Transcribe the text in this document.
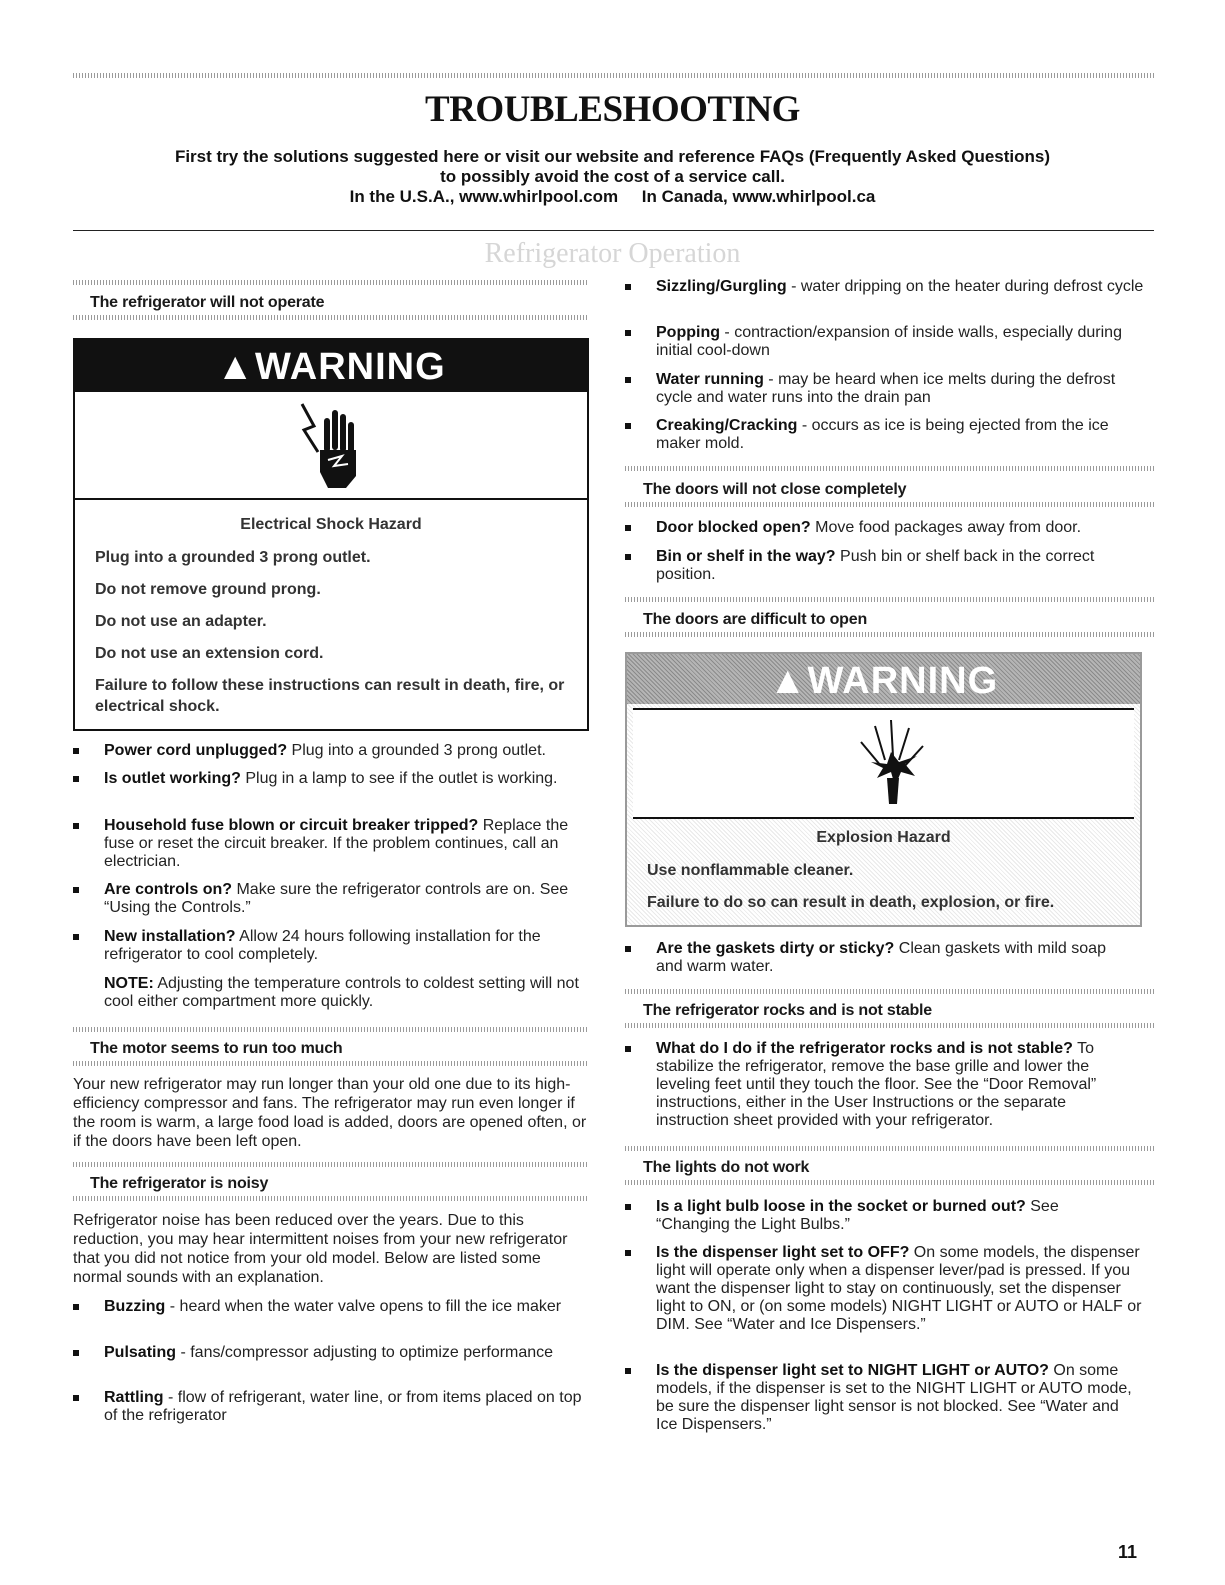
TROUBLESHOOTING
First try the solutions suggested here or visit our website and reference FAQs (Frequently Asked Questions)
to possibly avoid the cost of a service call.
In the U.S.A., www.whirlpool.com     In Canada, www.whirlpool.ca
Refrigerator Operation
The refrigerator will not operate
▲WARNING
Electrical Shock Hazard
Plug into a grounded 3 prong outlet.
Do not remove ground prong.
Do not use an adapter.
Do not use an extension cord.
Failure to follow these instructions can result in death, fire, or electrical shock.
Power cord unplugged? Plug into a grounded 3 prong outlet.
Is outlet working? Plug in a lamp to see if the outlet is working.
Household fuse blown or circuit breaker tripped? Replace the fuse or reset the circuit breaker. If the problem continues, call an electrician.
Are controls on? Make sure the refrigerator controls are on. See “Using the Controls.”
New installation? Allow 24 hours following installation for the refrigerator to cool completely.
NOTE: Adjusting the temperature controls to coldest setting will not cool either compartment more quickly.
The motor seems to run too much
Your new refrigerator may run longer than your old one due to its high-efficiency compressor and fans. The refrigerator may run even longer if the room is warm, a large food load is added, doors are opened often, or if the doors have been left open.
The refrigerator is noisy
Refrigerator noise has been reduced over the years. Due to this reduction, you may hear intermittent noises from your new refrigerator that you did not notice from your old model. Below are listed some normal sounds with an explanation.
Buzzing - heard when the water valve opens to fill the ice maker
Pulsating - fans/compressor adjusting to optimize performance
Rattling - flow of refrigerant, water line, or from items placed on top of the refrigerator
Sizzling/Gurgling - water dripping on the heater during defrost cycle
Popping - contraction/expansion of inside walls, especially during initial cool-down
Water running - may be heard when ice melts during the defrost cycle and water runs into the drain pan
Creaking/Cracking - occurs as ice is being ejected from the ice maker mold.
The doors will not close completely
Door blocked open? Move food packages away from door.
Bin or shelf in the way? Push bin or shelf back in the correct position.
The doors are difficult to open
▲WARNING
Explosion Hazard
Use nonflammable cleaner.
Failure to do so can result in death, explosion, or fire.
Are the gaskets dirty or sticky? Clean gaskets with mild soap and warm water.
The refrigerator rocks and is not stable
What do I do if the refrigerator rocks and is not stable? To stabilize the refrigerator, remove the base grille and lower the leveling feet until they touch the floor. See the “Door Removal” instructions, either in the User Instructions or the separate instruction sheet provided with your refrigerator.
The lights do not work
Is a light bulb loose in the socket or burned out? See “Changing the Light Bulbs.”
Is the dispenser light set to OFF? On some models, the dispenser light will operate only when a dispenser lever/pad is pressed. If you want the dispenser light to stay on continuously, set the dispenser light to ON, or (on some models) NIGHT LIGHT or AUTO or HALF or DIM. See “Water and Ice Dispensers.”
Is the dispenser light set to NIGHT LIGHT or AUTO? On some models, if the dispenser is set to the NIGHT LIGHT or AUTO mode, be sure the dispenser light sensor is not blocked. See “Water and Ice Dispensers.”
11
